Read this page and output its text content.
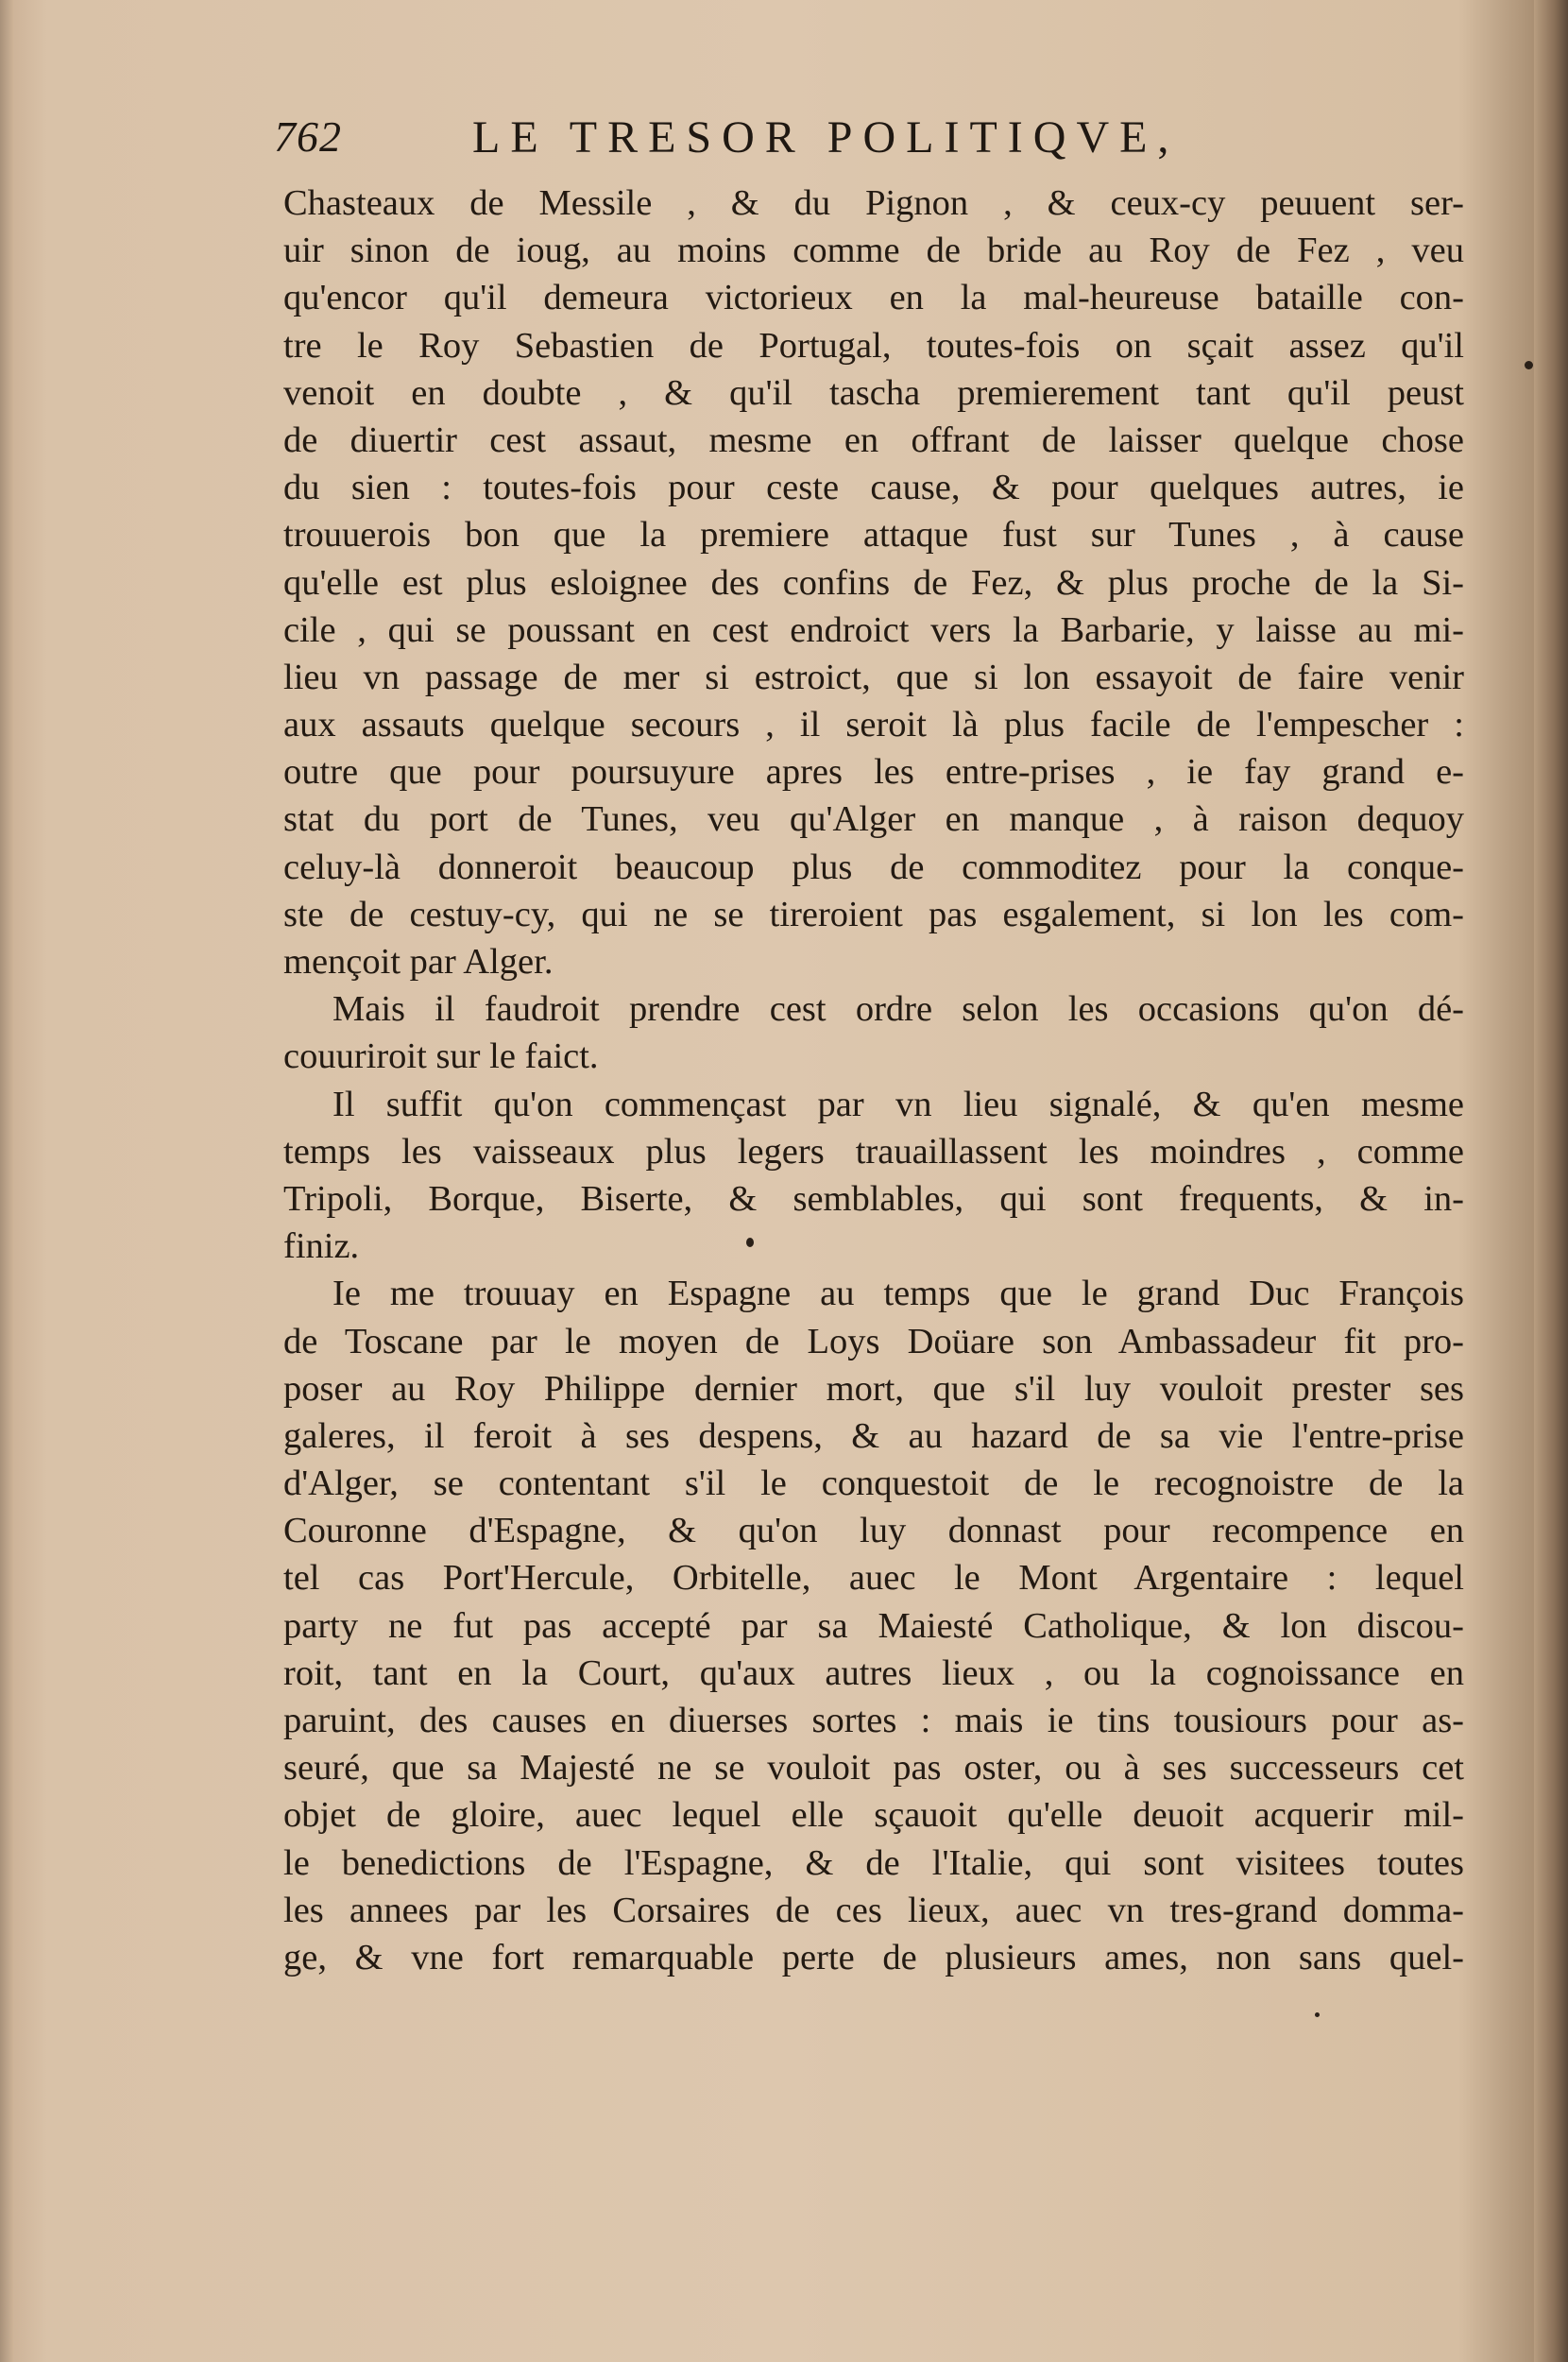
762	LE TRESOR POLITIQVE,
Chasteaux de Messile , & du Pignon , & ceux-cy peuuent ser-
uir sinon de ioug, au moins comme de bride au Roy de Fez , veu
qu'encor qu'il demeura victorieux en la mal-heureuse bataille con-
tre le Roy Sebastien de Portugal, toutes-fois on sçait assez qu'il
venoit en doubte , & qu'il tascha premierement tant qu'il peust
de diuertir cest assaut, mesme en offrant de laisser quelque chose
du sien : toutes-fois pour ceste cause, & pour quelques autres, ie
trouuerois bon que la premiere attaque fust sur Tunes , à cause
qu'elle est plus esloignee des confins de Fez, & plus proche de la Si-
cile , qui se poussant en cest endroict vers la Barbarie, y laisse au mi-
lieu vn passage de mer si estroict, que si lon essayoit de faire venir
aux assauts quelque secours , il seroit là plus facile de l'empescher :
outre que pour poursuyure apres les entre-prises , ie fay grand e-
stat du port de Tunes, veu qu'Alger en manque , à raison dequoy
celuy-là donneroit beaucoup plus de commoditez pour la conque-
ste de cestuy-cy, qui ne se tireroient pas esgalement, si lon les com-
mençoit par Alger.
Mais il faudroit prendre cest ordre selon les occasions qu'on dé-
couuriroit sur le faict.
Il suffit qu'on commençast par vn lieu signalé, & qu'en mesme
temps les vaisseaux plus legers trauaillassent les moindres , comme
Tripoli, Borque, Biserte, & semblables, qui sont frequents, & in-
finiz.
Ie me trouuay en Espagne au temps que le grand Duc François
de Toscane par le moyen de Loys Doüare son Ambassadeur fit pro-
poser au Roy Philippe dernier mort, que s'il luy vouloit prester ses
galeres, il feroit à ses despens, & au hazard de sa vie l'entre-prise
d'Alger, se contentant s'il le conquestoit de le recognoistre de la
Couronne d'Espagne, & qu'on luy donnast pour recompence en
tel cas Port'Hercule, Orbitelle, auec le Mont Argentaire : lequel
party ne fut pas accepté par sa Maiesté Catholique, & lon discou-
roit, tant en la Court, qu'aux autres lieux , ou la cognoissance en
paruint, des causes en diuerses sortes : mais ie tins tousiours pour as-
seuré, que sa Majesté ne se vouloit pas oster, ou à ses successeurs cet
objet de gloire, auec lequel elle sçauoit qu'elle deuoit acquerir mil-
le benedictions de l'Espagne, & de l'Italie, qui sont visitees toutes
les annees par les Corsaires de ces lieux, auec vn tres-grand domma-
ge, & vne fort remarquable perte de plusieurs ames, non sans quel-
